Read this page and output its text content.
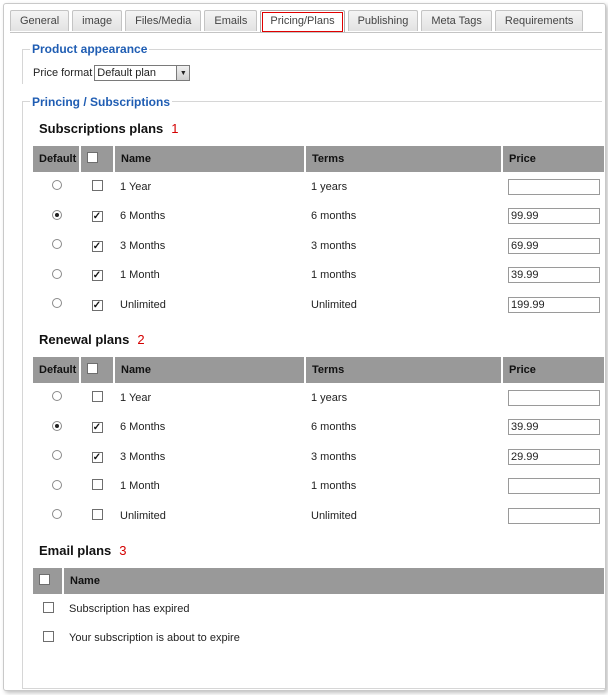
General	image	Files/Media	Emails	Pricing/Plans	Publishing	Meta Tags	Requirements
Product appearance
Price format Default plan	▼
Princing / Subscriptions
Subscriptions plans 1
Default		Name	Terms	Price
		1 Year	1 years	

	✓	6 Months	6 months	99.99

	✓	3 Months	3 months	69.99

	✓	1 Month	1 months	39.99

	✓	Unlimited	Unlimited	199.99
Renewal plans 2
Default		Name	Terms	Price
		1 Year	1 years	

	✓	6 Months	6 months	39.99

	✓	3 Months	3 months	29.99

		1 Month	1 months	

		Unlimited	Unlimited	
Email plans 3
	Name
	Subscription has expired
	Your subscription is about to expire
